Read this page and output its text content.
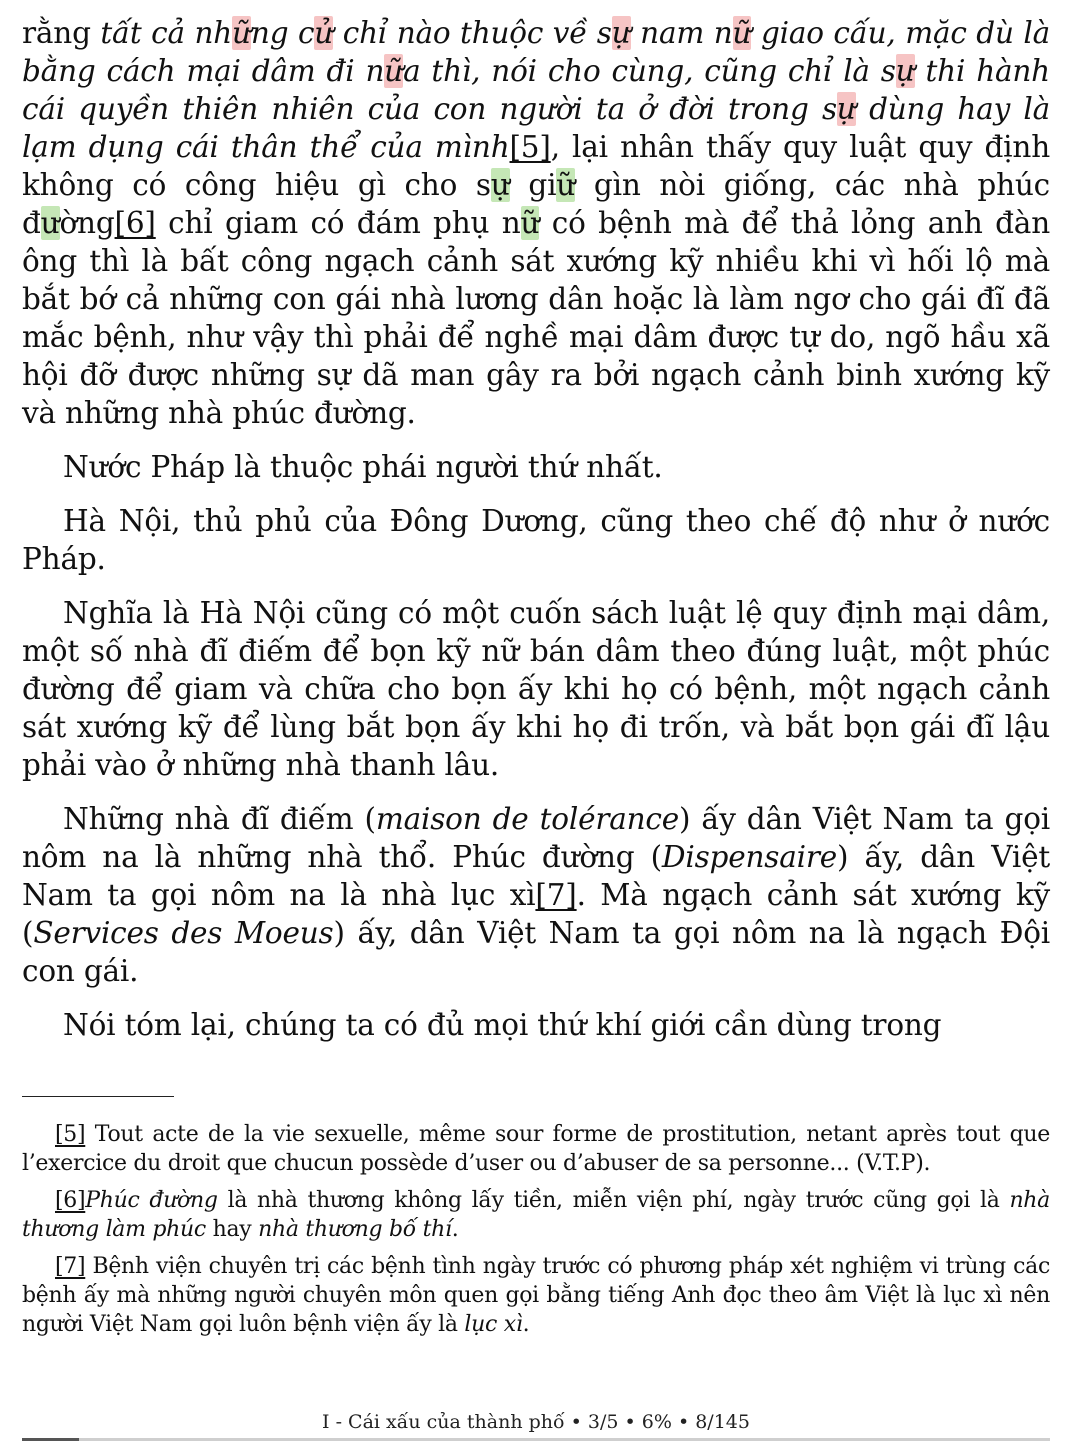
rằng tất cả những cử chỉ nào thuộc về sự nam nữ giao cấu, mặc dù là bằng cách mại dâm đi nữa thì, nói cho cùng, cũng chỉ là sự thi hành cái quyền thiên nhiên của con người ta ở đời trong sự dùng hay là lạm dụng cái thân thể của mình[5], lại nhân thấy quy luật quy định không có công hiệu gì cho sự giữ gìn nòi giống, các nhà phúc đường[6] chỉ giam có đám phụ nữ có bệnh mà để thả lỏng anh đàn ông thì là bất công ngạch cảnh sát xướng kỹ nhiều khi vì hối lộ mà bắt bớ cả những con gái nhà lương dân hoặc là làm ngơ cho gái đĩ đã mắc bệnh, như vậy thì phải để nghề mại dâm được tự do, ngõ hầu xã hội đỡ được những sự dã man gây ra bởi ngạch cảnh binh xướng kỹ và những nhà phúc đường.

Nước Pháp là thuộc phái người thứ nhất.

Hà Nội, thủ phủ của Đông Dương, cũng theo chế độ như ở nước Pháp.

Nghĩa là Hà Nội cũng có một cuốn sách luật lệ quy định mại dâm, một số nhà đĩ điếm để bọn kỹ nữ bán dâm theo đúng luật, một phúc đường để giam và chữa cho bọn ấy khi họ có bệnh, một ngạch cảnh sát xướng kỹ để lùng bắt bọn ấy khi họ đi trốn, và bắt bọn gái đĩ lậu phải vào ở những nhà thanh lâu.

Những nhà đĩ điếm (maison de tolérance) ấy dân Việt Nam ta gọi nôm na là những nhà thổ. Phúc đường (Dispensaire) ấy, dân Việt Nam ta gọi nôm na là nhà lục xì[7]. Mà ngạch cảnh sát xướng kỹ (Services des Moeus) ấy, dân Việt Nam ta gọi nôm na là ngạch Đội con gái.

Nói tóm lại, chúng ta có đủ mọi thứ khí giới cần dùng trong

[5] Tout acte de la vie sexuelle, même sour forme de prostitution, netant après tout que l’exercice du droit que chucun possède d’user ou d’abuser de sa personne... (V.T.P).

[6]Phúc đường là nhà thương không lấy tiền, miễn viện phí, ngày trước cũng gọi là nhà thương làm phúc hay nhà thương bố thí.

[7] Bệnh viện chuyên trị các bệnh tình ngày trước có phương pháp xét nghiệm vi trùng các bệnh ấy mà những người chuyên môn quen gọi bằng tiếng Anh đọc theo âm Việt là lục xì nên người Việt Nam gọi luôn bệnh viện ấy là lục xì.

I - Cái xấu của thành phố • 3/5 • 6% • 8/145
